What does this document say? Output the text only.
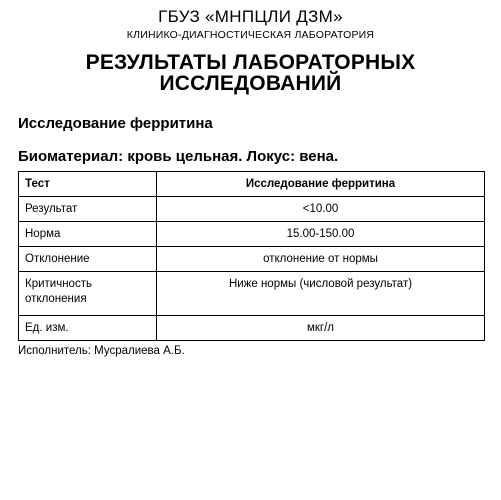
ГБУЗ «МНПЦЛИ ДЗМ»
КЛИНИКО-ДИАГНОСТИЧЕСКАЯ ЛАБОРАТОРИЯ
РЕЗУЛЬТАТЫ ЛАБОРАТОРНЫХ
ИССЛЕДОВАНИЙ
Исследование ферритина
Биоматериал: кровь цельная. Локус: вена.
Тест	Исследование ферритина
Результат	<10.00
Норма	15.00-150.00
Отклонение	отклонение от нормы
Критичность отклонения	Ниже нормы (числовой результат)
Ед. изм.	мкг/л
Исполнитель: Мусралиева А.Б.
